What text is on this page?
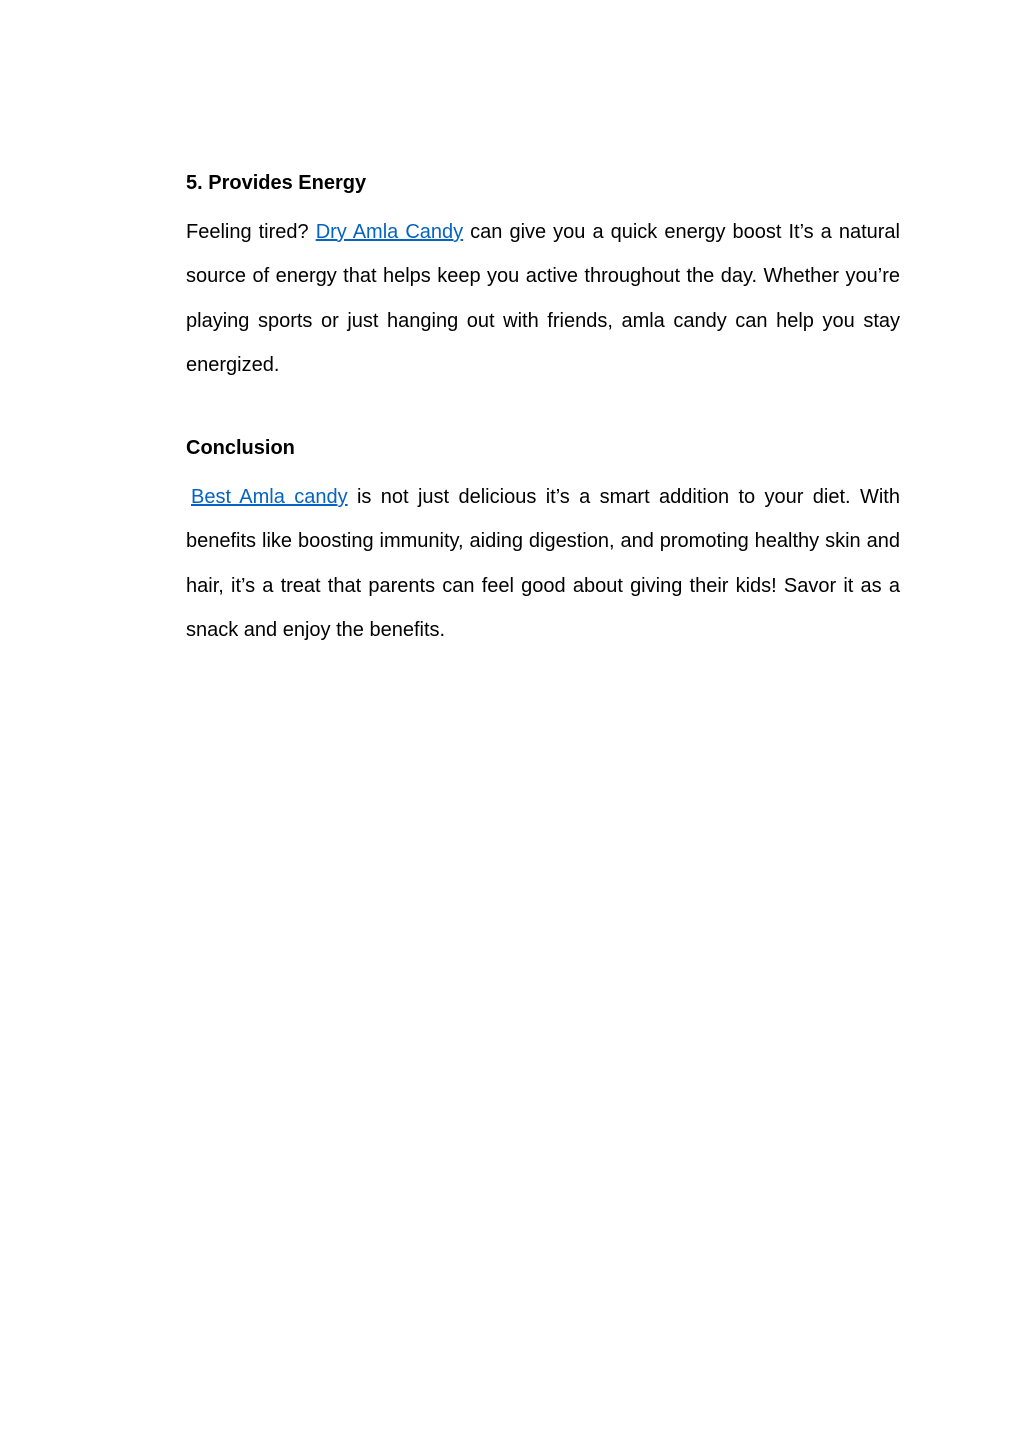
5. Provides Energy

Feeling tired? Dry Amla Candy can give you a quick energy boost It’s a natural source of energy that helps keep you active throughout the day. Whether you’re playing sports or just hanging out with friends, amla candy can help you stay energized.

Conclusion

Best Amla candy is not just delicious it’s a smart addition to your diet. With benefits like boosting immunity, aiding digestion, and promoting healthy skin and hair, it’s a treat that parents can feel good about giving their kids! Savor it as a snack and enjoy the benefits.
